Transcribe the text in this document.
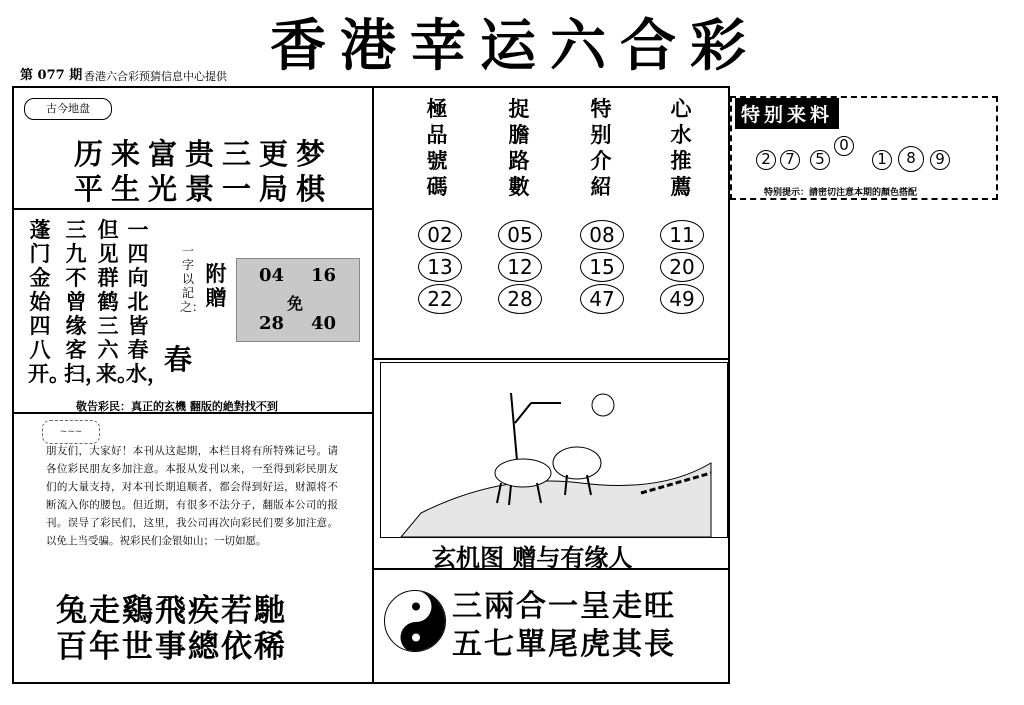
香港幸运六合彩
第 077 期 香港六合彩预猜信息中心提供
古今地盘
历来富贵三更梦
平生光景一局棋
一四向北皆春水，
但见群鹤三六来。
三九不曾缘客扫，
蓬门金始四八开。
一字以記之：
附贈
04 16
免
28 40
春
敬告彩民：真正的玄機 翻版的絶對找不到
~~~
朋友们，大家好！本刊从这起期，本栏目将有所特殊记号。请各位彩民朋友多加注意。本报从发刊以来，一至得到彩民朋友们的大量支持，对本刊长期追顺者，都会得到好运，财源将不断流入你的腰包。但近期，有很多不法分子，翻版本公司的报刊。误导了彩民们，这里，我公司再次向彩民们要多加注意。以免上当受骗。祝彩民们金银如山；一切如愿。
兔走鷄飛疾若馳
百年世事總依稀
極品號碼
捉膽路數
特别介紹
心水推薦
02	05	08	11
13	12	15	20
22	28	47	49
玄机图 赠与有缘人
三兩合一呈走旺
五七單尾虎其長
特别来料
2 7	5
0
1	8	9
特别提示：請密切注意本期的顏色搭配
